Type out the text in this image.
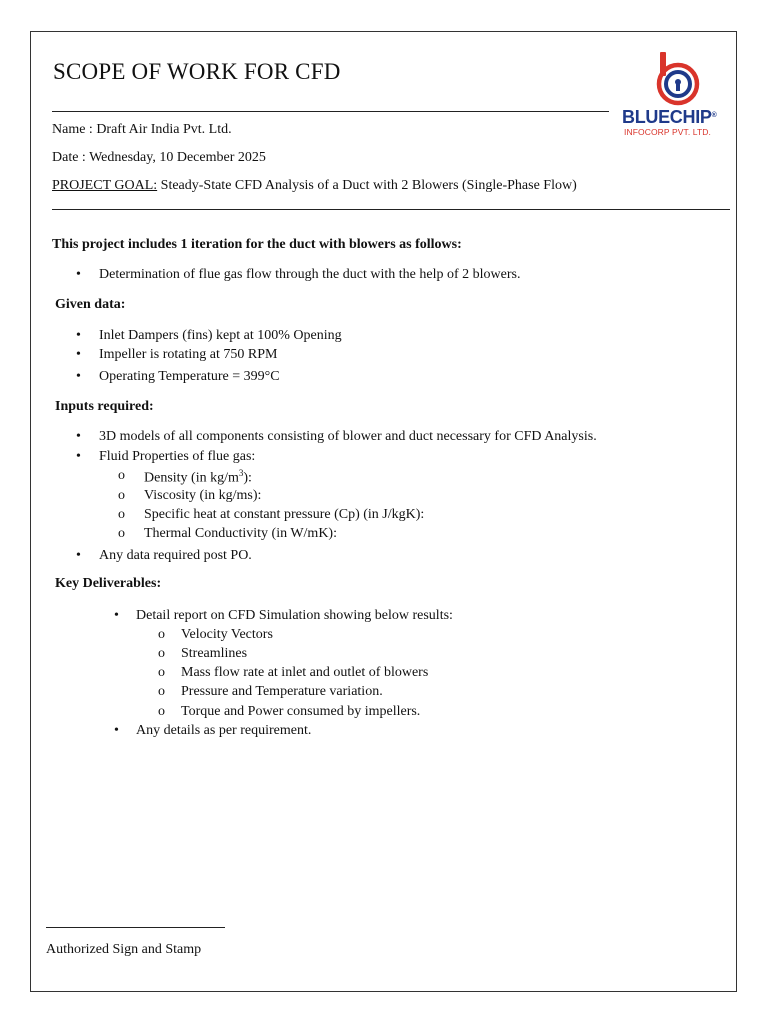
SCOPE OF WORK FOR CFD
BLUECHIP®
INFOCORP PVT. LTD.
Name : Draft Air India Pvt. Ltd.
Date : Wednesday, 10 December 2025
PROJECT GOAL: Steady-State CFD Analysis of a Duct with 2 Blowers (Single-Phase Flow)
This project includes 1 iteration for the duct with blowers as follows:
• Determination of flue gas flow through the duct with the help of 2 blowers.
Given data:
• Inlet Dampers (fins) kept at 100% Opening
• Impeller is rotating at 750 RPM
• Operating Temperature = 399°C
Inputs required:
• 3D models of all components consisting of blower and duct necessary for CFD Analysis.
• Fluid Properties of flue gas:
o Density (in $kg/m^3$):
o Viscosity (in kg/ms):
o Specific heat at constant pressure (Cp) (in J/kgK):
o Thermal Conductivity (in W/mK):
• Any data required post PO.
Key Deliverables:
• Detail report on CFD Simulation showing below results:
o Velocity Vectors
o Streamlines
o Mass flow rate at inlet and outlet of blowers
o Pressure and Temperature variation.
o Torque and Power consumed by impellers.
• Any details as per requirement.
Authorized Sign and Stamp
